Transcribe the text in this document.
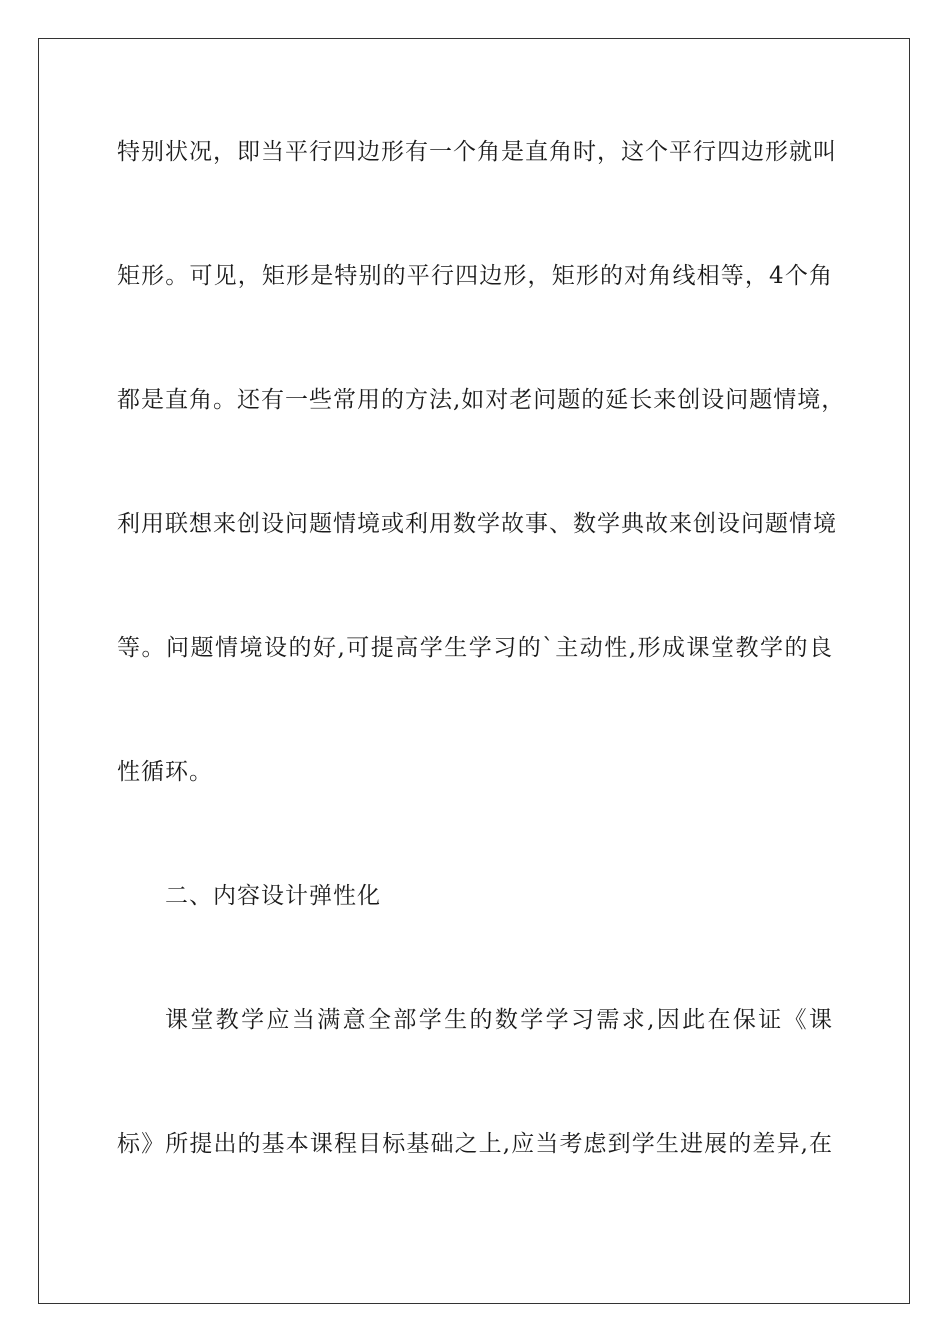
特别状况，即当平行四边形有一个角是直角时，这个平行四边形就叫
矩形。可见，矩形是特别的平行四边形，矩形的对角线相等，4个角
都是直角。还有一些常用的方法,如对老问题的延长来创设问题情境，
利用联想来创设问题情境或利用数学故事、数学典故来创设问题情境
等。问题情境设的好,可提高学生学习的`主动性,形成课堂教学的良
性循环。
二、内容设计弹性化
课堂教学应当满意全部学生的数学学习需求,因此在保证《课
标》所提出的基本课程目标基础之上,应当考虑到学生进展的差异,在
